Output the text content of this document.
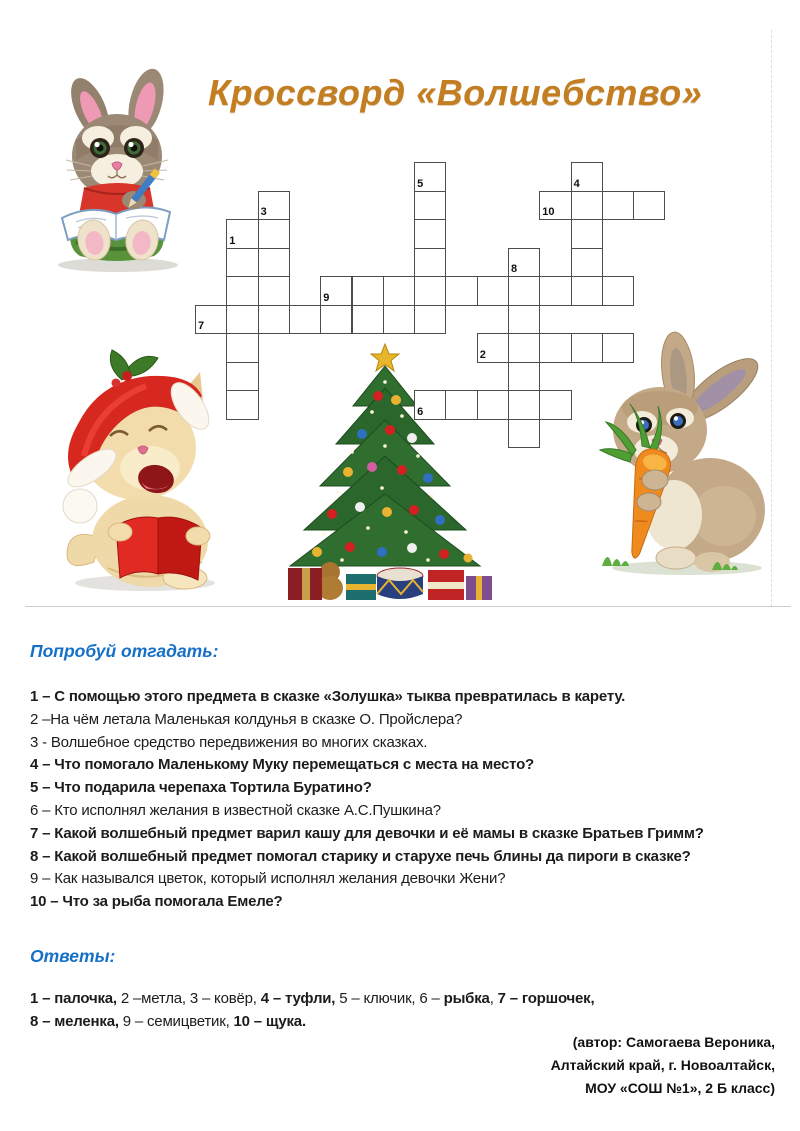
Кроссворд «Волшебство»
1
2
3
4
5
6
7
8
9
10
Попробуй отгадать:
1 – С помощью этого предмета в сказке «Золушка» тыква превратилась в карету.
2 –На чём летала Маленькая колдунья в сказке О. Пройслера?
3 - Волшебное средство передвижения во многих сказках.
4 – Что помогало Маленькому Муку перемещаться с места на место?
5 – Что подарила черепаха Тортила Буратино?
6 – Кто исполнял желания в известной сказке А.С.Пушкина?
7 – Какой волшебный предмет варил кашу для девочки и её мамы в сказке Братьев Гримм?
8 – Какой волшебный предмет помогал старику и старухе печь блины да пироги в сказке?
9 – Как назывался цветок, который исполнял желания девочки Жени?
10 – Что за рыба помогала Емеле?
Ответы:
1 – палочка, 2 –метла, 3 – ковёр, 4 – туфли, 5 – ключик, 6 – рыбка, 7 – горшочек,
8 – меленка, 9 – семицветик, 10 – щука.
(автор: Самогаева Вероника,
Алтайский край, г. Новоалтайск,
МОУ «СОШ №1», 2 Б класс)
